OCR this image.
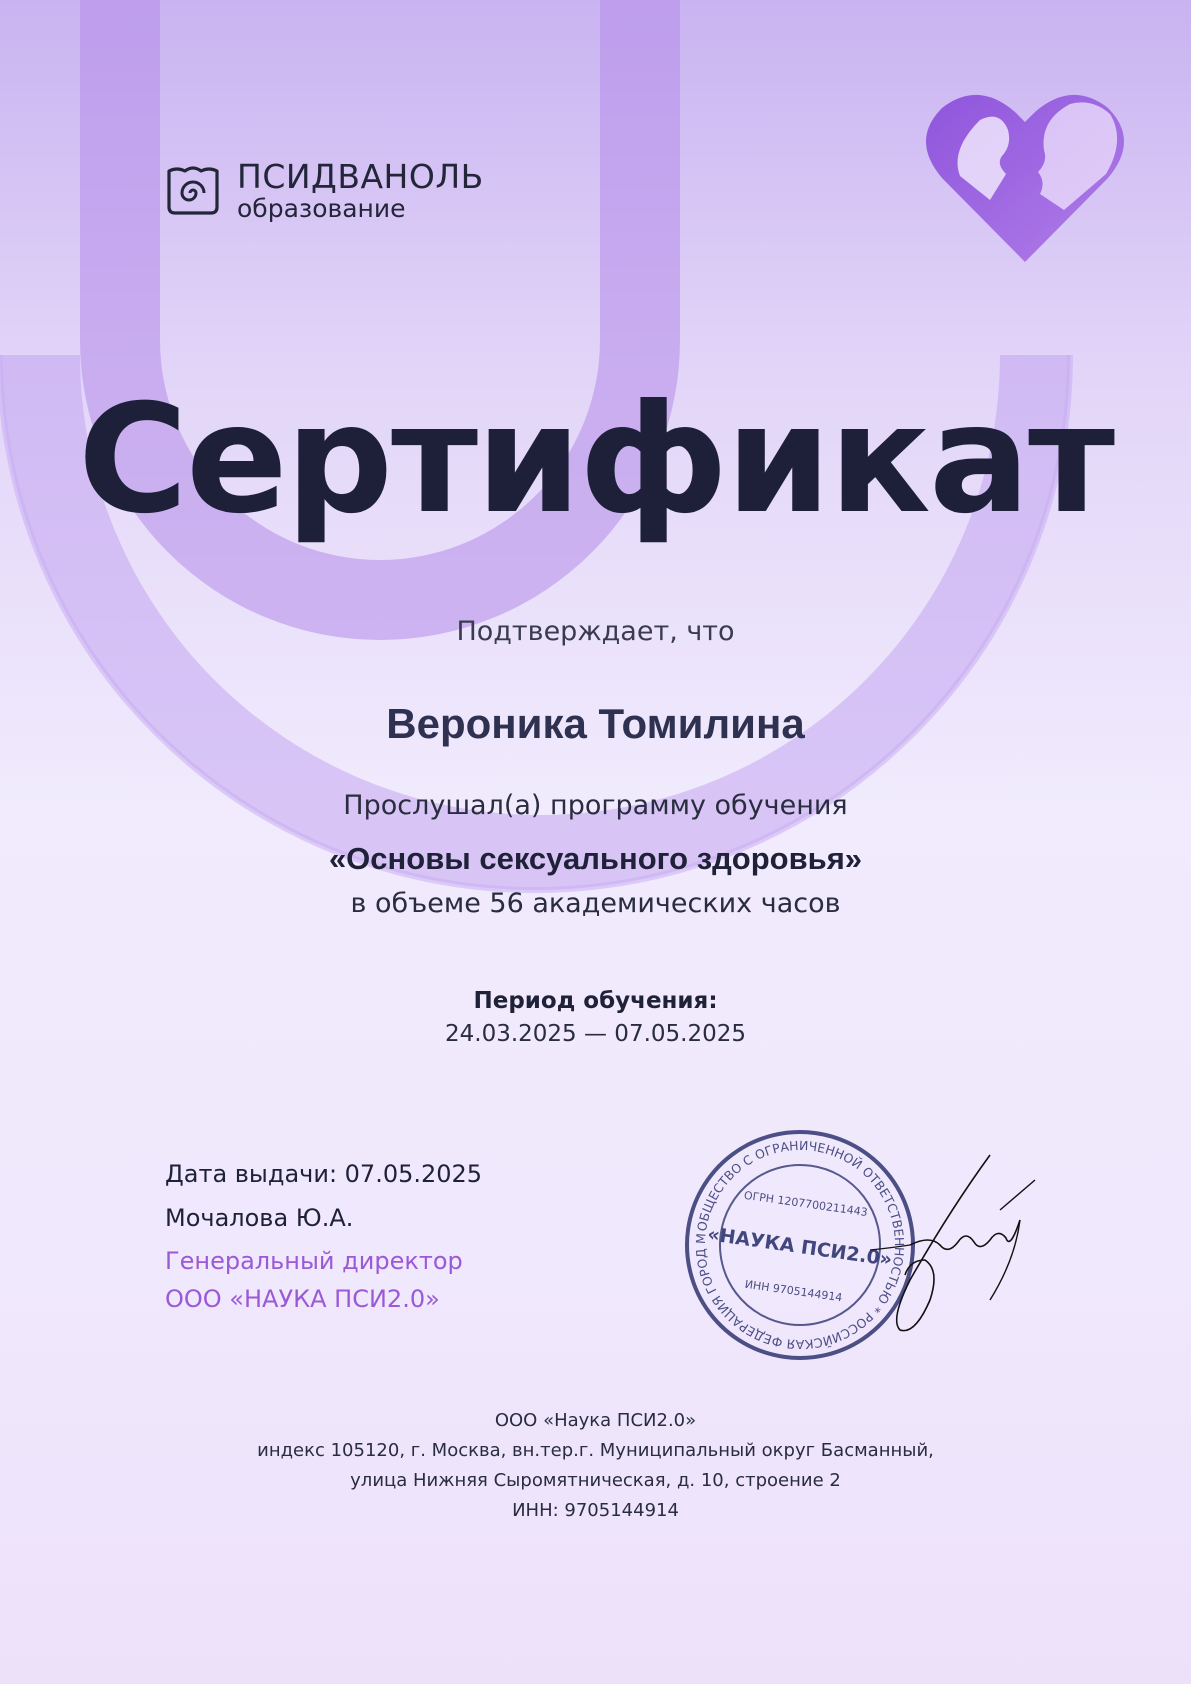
ПСИДВАНОЛЬ
образование
Сертификат
Подтверждает, что
Вероника Томилина
Прослушал(а) программу обучения
«Основы сексуального здоровья»
в объеме 56 академических часов
Период обучения:
24.03.2025 — 07.05.2025
Дата выдачи: 07.05.2025
Мочалова Ю.А.
Генеральный директор
ООО «НАУКА ПСИ2.0»
ОБЩЕСТВО С ОГРАНИЧЕННОЙ ОТВЕТСТВЕННОСТЬЮ * РОССИЙСКАЯ ФЕДЕРАЦИЯ ГОРОД МОСКВА
ОГРН 1207700211443
«НАУКА ПСИ2.0»
ИНН 9705144914
ООО «Наука ПСИ2.0»
индекс 105120, г. Москва, вн.тер.г. Муниципальный округ Басманный,
улица Нижняя Сыромятническая, д. 10, строение 2
ИНН: 9705144914
